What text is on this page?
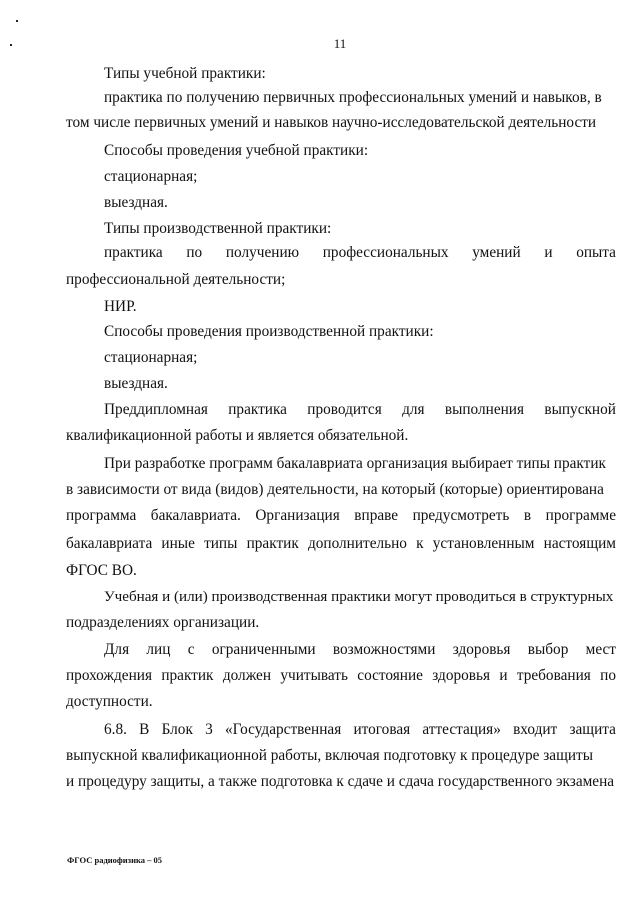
11
Типы учебной практики:
практика по получению первичных профессиональных умений и навыков, в
том числе первичных умений и навыков научно-исследовательской деятельности
Способы проведения учебной практики:
стационарная;
выездная.
Типы производственной практики:
практика по получению профессиональных умений и опыта
профессиональной деятельности;
НИР.
Способы проведения производственной практики:
стационарная;
выездная.
Преддипломная практика проводится для выполнения выпускной
квалификационной работы и является обязательной.
При разработке программ бакалавриата организация выбирает типы практик
в зависимости от вида (видов) деятельности, на который (которые) ориентирована
программа бакалавриата. Организация вправе предусмотреть в программе
бакалавриата иные типы практик дополнительно к установленным настоящим
ФГОС ВО.
Учебная и (или) производственная практики могут проводиться в структурных
подразделениях организации.
Для лиц с ограниченными возможностями здоровья выбор мест
прохождения практик должен учитывать состояние здоровья и требования по
доступности.
6.8. В Блок 3 «Государственная итоговая аттестация» входит защита
выпускной квалификационной работы, включая подготовку к процедуре защиты
и процедуру защиты, а также подготовка к сдаче и сдача государственного экзамена
ФГОС радиофизика – 05
